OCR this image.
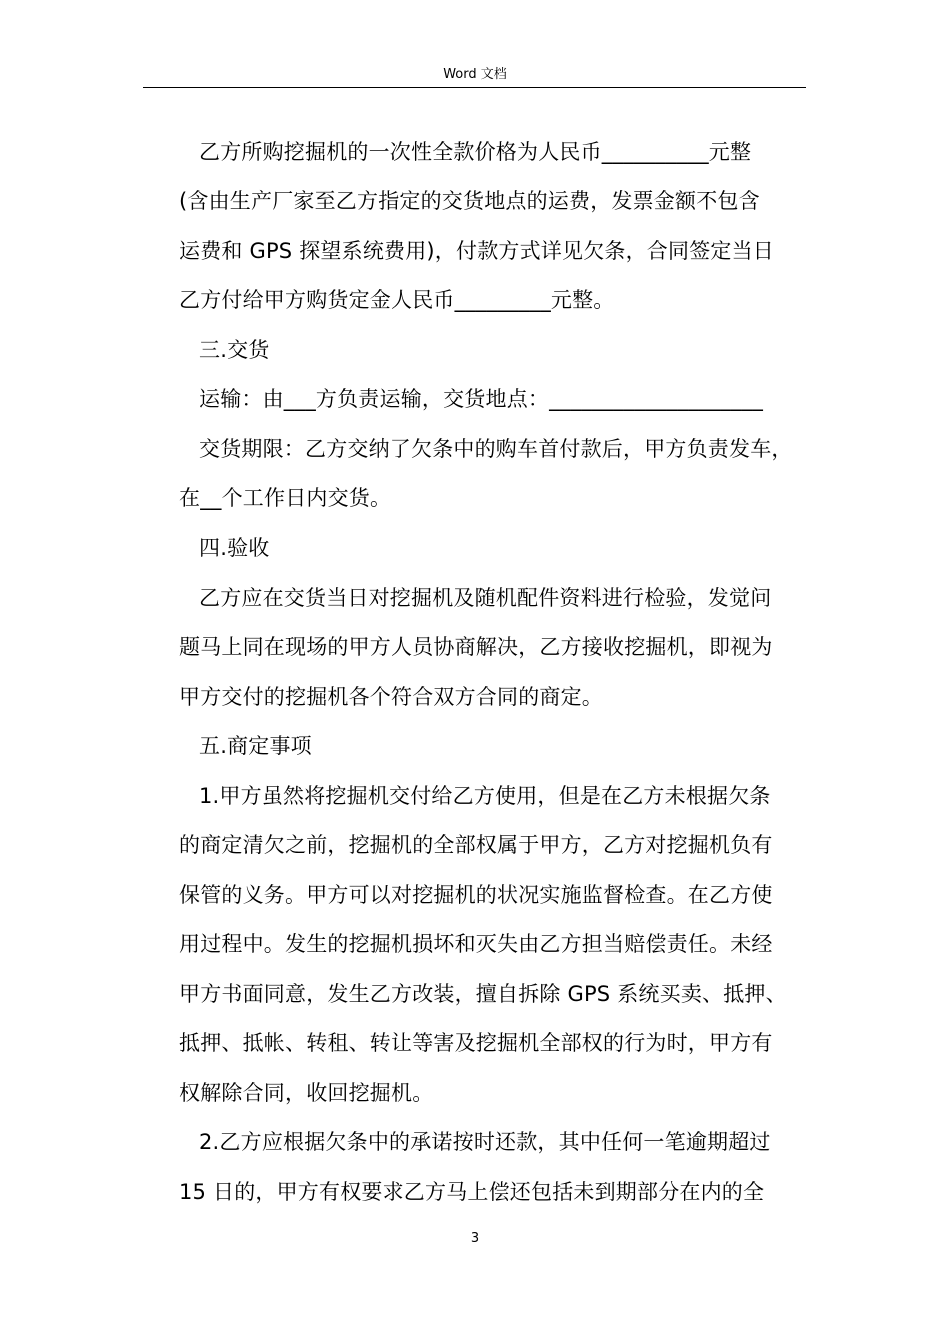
Word 文档
乙方所购挖掘机的一次性全款价格为人民币__________元整
(含由生产厂家至乙方指定的交货地点的运费，发票金额不包含
运费和 GPS 探望系统费用)，付款方式详见欠条，合同签定当日
乙方付给甲方购货定金人民币_________元整。
三.交货
运输：由___方负责运输，交货地点：____________________
交货期限：乙方交纳了欠条中的购车首付款后，甲方负责发车，
在__个工作日内交货。
四.验收
乙方应在交货当日对挖掘机及随机配件资料进行检验，发觉问
题马上同在现场的甲方人员协商解决，乙方接收挖掘机，即视为
甲方交付的挖掘机各个符合双方合同的商定。
五.商定事项
1.甲方虽然将挖掘机交付给乙方使用，但是在乙方未根据欠条
的商定清欠之前，挖掘机的全部权属于甲方，乙方对挖掘机负有
保管的义务。甲方可以对挖掘机的状况实施监督检查。在乙方使
用过程中。发生的挖掘机损坏和灭失由乙方担当赔偿责任。未经
甲方书面同意，发生乙方改装，擅自拆除 GPS 系统买卖、抵押、
抵押、抵帐、转租、转让等害及挖掘机全部权的行为时，甲方有
权解除合同，收回挖掘机。
2.乙方应根据欠条中的承诺按时还款，其中任何一笔逾期超过
15 日的，甲方有权要求乙方马上偿还包括未到期部分在内的全
3
